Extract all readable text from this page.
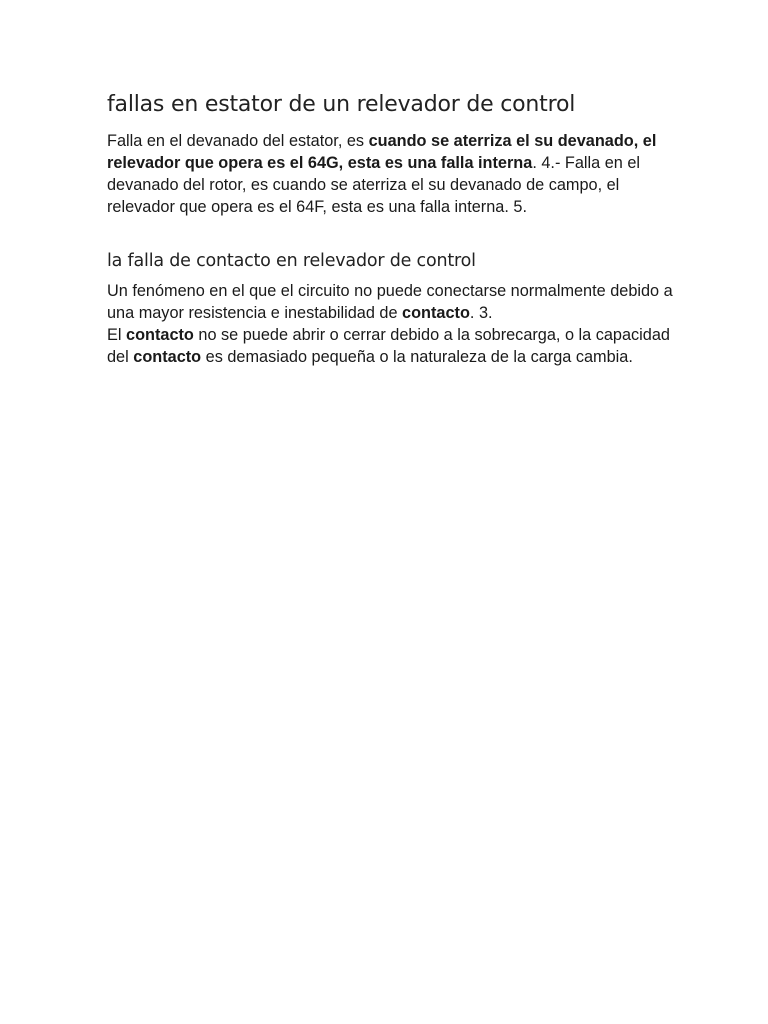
fallas en estator de un relevador de control

Falla en el devanado del estator, es cuando se aterriza el su devanado, el relevador que opera es el 64G, esta es una falla interna. 4.- Falla en el devanado del rotor, es cuando se aterriza el su devanado de campo, el relevador que opera es el 64F, esta es una falla interna. 5.

la falla de contacto en relevador de control

Un fenómeno en el que el circuito no puede conectarse normalmente debido a una mayor resistencia e inestabilidad de contacto. 3.
El contacto no se puede abrir o cerrar debido a la sobrecarga, o la capacidad del contacto es demasiado pequeña o la naturaleza de la carga cambia.
